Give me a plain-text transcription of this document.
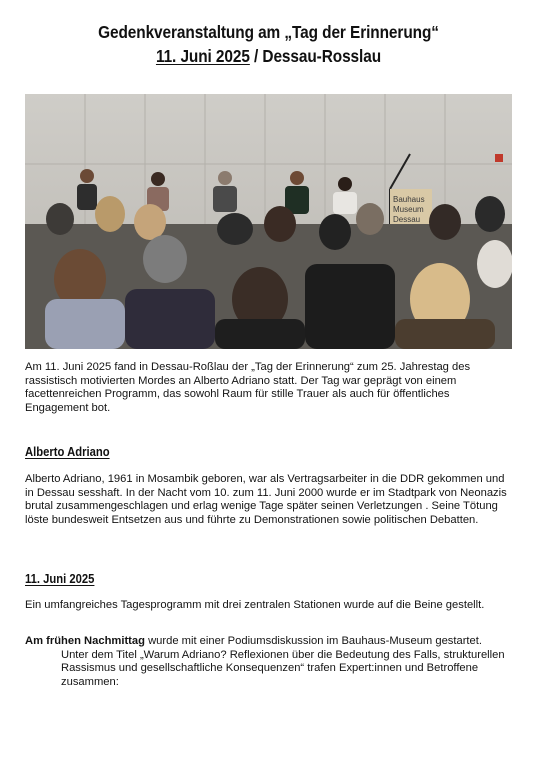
Gedenkveranstaltung am „Tag der Erinnerung“
11. Juni 2025 / Dessau-Rosslau
Bauhaus
Museum
Dessau
Am 11. Juni 2025 fand in Dessau-Roßlau der „Tag der Erinnerung“ zum 25. Jahrestag des rassistisch motivierten Mordes an Alberto Adriano statt. Der Tag war geprägt von einem facettenreichen Programm, das sowohl Raum für stille Trauer als auch für öffentliches Engagement bot.
Alberto Adriano
Alberto Adriano, 1961 in Mosambik geboren, war als Vertragsarbeiter in die DDR gekommen und in Dessau sesshaft. In der Nacht vom 10. zum 11. Juni 2000 wurde er im Stadtpark von Neonazis brutal zusammengeschlagen und erlag wenige Tage später seinen Verletzungen . Seine Tötung löste bundesweit Entsetzen aus und führte zu Demonstrationen sowie politischen Debatten.
11. Juni 2025
Ein umfangreiches Tagesprogramm mit drei zentralen Stationen wurde auf die Beine gestellt.
Am frühen Nachmittag wurde mit einer Podiumsdiskussion im Bauhaus-Museum gestartet.
Unter dem Titel „Warum Adriano? Reflexionen über die Bedeutung des Falls, strukturellen
Rassismus und gesellschaftliche Konsequenzen“ trafen Expert:innen und Betroffene zusammen:
